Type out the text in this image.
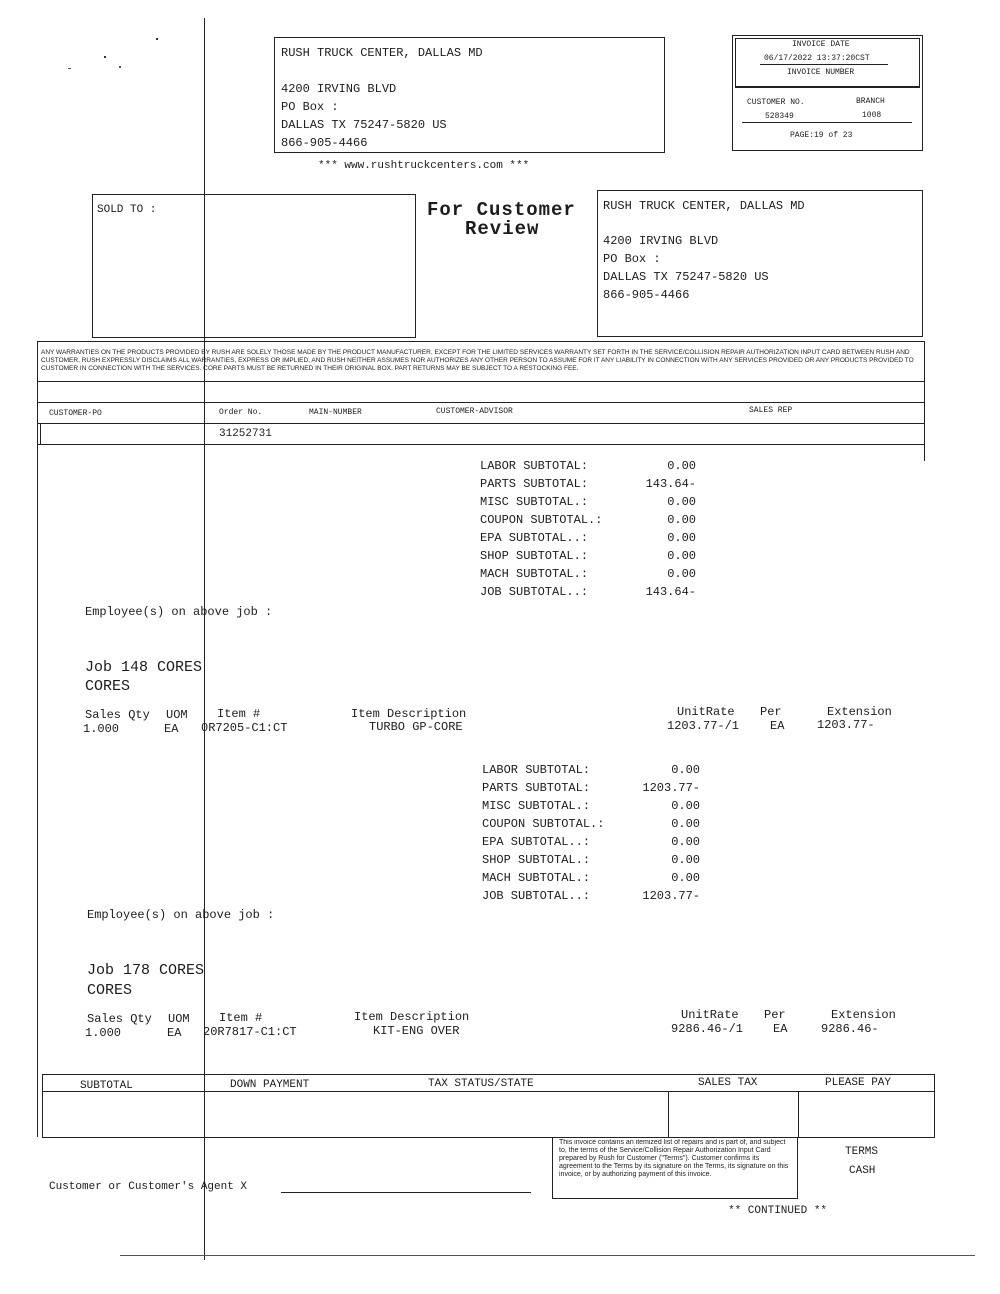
RUSH TRUCK CENTER, DALLAS MD
4200 IRVING BLVD
PO Box :
DALLAS TX 75247-5820 US
866-905-4466
*** www.rushtruckcenters.com ***
INVOICE DATE
06/17/2022 13:37:20CST
INVOICE NUMBER
CUSTOMER NO.	BRANCH
528349	1008
PAGE:19 of 23
SOLD TO :	For Customer
Review
RUSH TRUCK CENTER, DALLAS MD
4200 IRVING BLVD
PO Box :
DALLAS TX 75247-5820 US
866-905-4466
ANY WARRANTIES ON THE PRODUCTS PROVIDED BY RUSH ARE SOLELY THOSE MADE BY THE PRODUCT MANUFACTURER. EXCEPT FOR THE LIMITED SERVICES WARRANTY SET FORTH IN THE SERVICE/COLLISION REPAIR AUTHORIZATION INPUT CARD BETWEEN RUSH AND CUSTOMER, RUSH EXPRESSLY DISCLAIMS ALL WARRANTIES, EXPRESS OR IMPLIED, AND RUSH NEITHER ASSUMES NOR AUTHORIZES ANY OTHER PERSON TO ASSUME FOR IT ANY LIABILITY IN CONNECTION WITH ANY SERVICES PROVIDED OR ANY PRODUCTS PROVIDED TO CUSTOMER IN CONNECTION WITH THE SERVICES. CORE PARTS MUST BE RETURNED IN THEIR ORIGINAL BOX. PART RETURNS MAY BE SUBJECT TO A RESTOCKING FEE.
CUSTOMER-PO	Order No.	MAIN-NUMBER	CUSTOMER-ADVISOR	SALES REP
31252731
LABOR SUBTOTAL:	0.00
PARTS SUBTOTAL:	143.64-
MISC SUBTOTAL.:	0.00
COUPON SUBTOTAL.:	0.00
EPA SUBTOTAL..:	0.00
SHOP SUBTOTAL.:	0.00
MACH SUBTOTAL.:	0.00
JOB SUBTOTAL..:	143.64-
Employee(s) on above job :
Job 148 CORES
CORES
Sales Qty UOM Item #	Item Description	UnitRate Per	Extension
1.000	EA 0R7205-C1:CT	TURBO GP-CORE	1203.77-/1	EA	1203.77-
LABOR SUBTOTAL:	0.00
PARTS SUBTOTAL:	1203.77-
MISC SUBTOTAL.:	0.00
COUPON SUBTOTAL.:	0.00
EPA SUBTOTAL..:	0.00
SHOP SUBTOTAL.:	0.00
MACH SUBTOTAL.:	0.00
JOB SUBTOTAL..:	1203.77-
Employee(s) on above job :
Job 178 CORES
CORES
Sales Qty UOM Item #	Item Description	UnitRate Per	Extension
1.000	EA 20R7817-C1:CT	KIT-ENG OVER	9286.46-/1 EA	9286.46-
SUBTOTAL	DOWN PAYMENT	TAX STATUS/STATE	SALES TAX	PLEASE PAY
This invoice contains an itemized list of repairs and is part of, and subject to, the terms of the Service/Collision Repair Authorization Input Card prepared by Rush for Customer ("Terms"). Customer confirms its agreement to the Terms by its signature on the Terms, its signature on this invoice, or by authorizing payment of this invoice.
TERMS
CASH
Customer or Customer's Agent X
** CONTINUED **
